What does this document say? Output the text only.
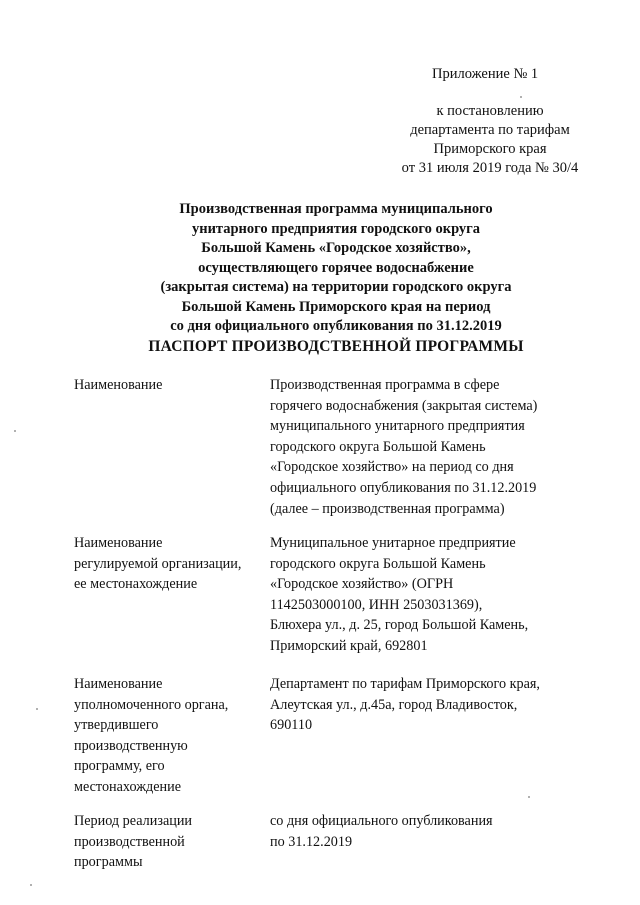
Приложение № 1
к постановлению
департамента по тарифам
Приморского края
от 31 июля 2019 года № 30/4
Производственная программа муниципального
унитарного предприятия городского округа
Большой Камень «Городское хозяйство»,
осуществляющего горячее водоснабжение
(закрытая система) на территории городского округа
Большой Камень Приморского края на период
со дня официального опубликования по 31.12.2019
ПАСПОРТ ПРОИЗВОДСТВЕННОЙ ПРОГРАММЫ
Наименование	Производственная программа в сфере
горячего водоснабжения (закрытая система)
муниципального унитарного предприятия
городского округа Большой Камень
«Городское хозяйство» на период со дня
официального опубликования по 31.12.2019
(далее – производственная программа)
Наименование
регулируемой организации,
ее местонахождение
Муниципальное унитарное предприятие
городского округа Большой Камень
«Городское хозяйство» (ОГРН
1142503000100, ИНН 2503031369),
Блюхера ул., д. 25, город Большой Камень,
Приморский край, 692801
Наименование
уполномоченного органа,
утвердившего
производственную
программу, его
местонахождение
Департамент по тарифам Приморского края,
Алеутская ул., д.45а, город Владивосток,
690110
Период реализации
производственной
программы
со дня официального опубликования
по 31.12.2019
